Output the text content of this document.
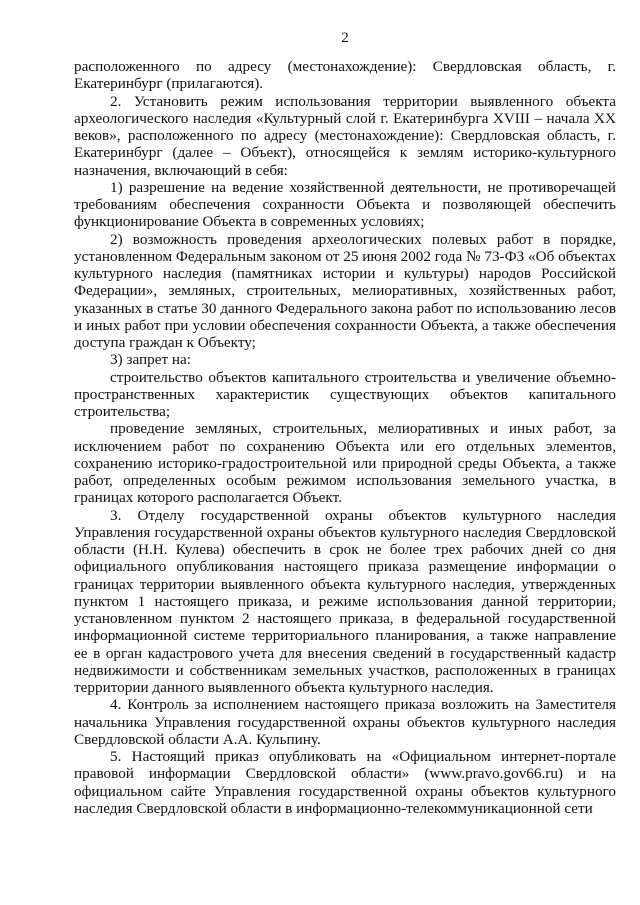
2

расположенного по адресу (местонахождение): Свердловская область, г. Екатеринбург (прилагаются).

2. Установить режим использования территории выявленного объекта археологического наследия «Культурный слой г. Екатеринбурга XVIII – начала XX веков», расположенного по адресу (местонахождение): Свердловская область, г. Екатеринбург (далее – Объект), относящейся к землям историко-культурного назначения, включающий в себя:

1) разрешение на ведение хозяйственной деятельности, не противоречащей требованиям обеспечения сохранности Объекта и позволяющей обеспечить функционирование Объекта в современных условиях;

2) возможность проведения археологических полевых работ в порядке, установленном Федеральным законом от 25 июня 2002 года № 73-ФЗ «Об объектах культурного наследия (памятниках истории и культуры) народов Российской Федерации», земляных, строительных, мелиоративных, хозяйственных работ, указанных в статье 30 данного Федерального закона работ по использованию лесов и иных работ при условии обеспечения сохранности Объекта, а также обеспечения доступа граждан к Объекту;

3) запрет на:

строительство объектов капитального строительства и увеличение объемно-пространственных характеристик существующих объектов капитального строительства;

проведение земляных, строительных, мелиоративных и иных работ, за исключением работ по сохранению Объекта или его отдельных элементов, сохранению историко-градостроительной или природной среды Объекта, а также работ, определенных особым режимом использования земельного участка, в границах которого располагается Объект.

3. Отделу государственной охраны объектов культурного наследия Управления государственной охраны объектов культурного наследия Свердловской области (Н.Н. Кулева) обеспечить в срок не более трех рабочих дней со дня официального опубликования настоящего приказа размещение информации о границах территории выявленного объекта культурного наследия, утвержденных пунктом 1 настоящего приказа, и режиме использования данной территории, установленном пунктом 2 настоящего приказа, в федеральной государственной информационной системе территориального планирования, а также направление ее в орган кадастрового учета для внесения сведений в государственный кадастр недвижимости и собственникам земельных участков, расположенных в границах территории данного выявленного объекта культурного наследия.

4. Контроль за исполнением настоящего приказа возложить на Заместителя начальника Управления государственной охраны объектов культурного наследия Свердловской области А.А. Кульпину.

5. Настоящий приказ опубликовать на «Официальном интернет-портале правовой информации Свердловской области» (www.pravo.gov66.ru) и на официальном сайте Управления государственной охраны объектов культурного наследия Свердловской области в информационно-телекоммуникационной сети
